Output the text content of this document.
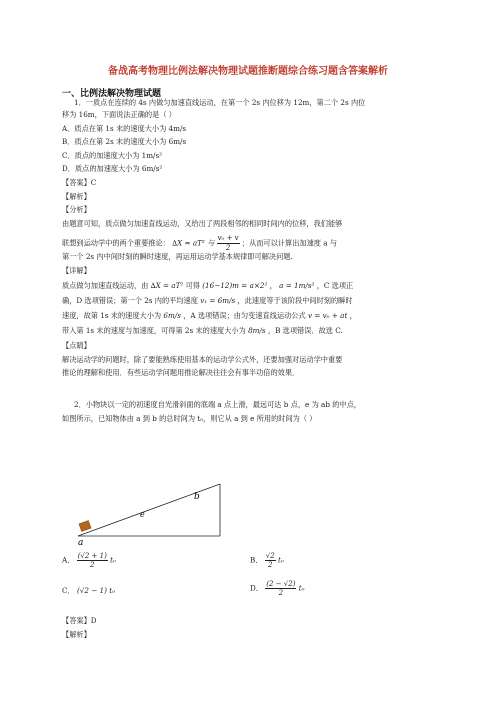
备战高考物理比例法解决物理试题推断题综合练习题含答案解析
一、比例法解决物理试题
1．一质点在连续的 4s 内做匀加速直线运动，在第一个 2s 内位移为 12m，第二个 2s 内位
移为 16m，下面说法正确的是（ ）
A．质点在第 1s 末的速度大小为 4m/s
B．质点在第 2s 末的速度大小为 6m/s
C．质点的加速度大小为 1m/s²
D．质点的加速度大小为 6m/s²
【答案】C
【解析】
【分析】
由题意可知，质点做匀加速直线运动，又给出了两段相邻的相同时间内的位移，我们能够
联想到运动学中的两个重要推论： ∆X = aT² 与 $\frac{\text{v₀ + v}}{2}$ ；从而可以计算出加速度 a 与
第一个 2s 内中间时刻的瞬时速度，再运用运动学基本规律即可解决问题.
【详解】
质点做匀加速直线运动，由 ∆X = aT² 可得 (16−12)m = a×2² ， a = 1m/s² ，C 选项正
确，D 选项错误；第一个 2s 内的平均速度 v₁ = 6m/s ，此速度等于该阶段中间时刻的瞬时
速度，故第 1s 末的速度大小为 6m/s ，A 选项错误；由匀变速直线运动公式 v = v₀ + at ，
带入第 1s 末的速度与加速度，可得第 2s 末的速度大小为 8m/s ，B 选项错误．故选 C.
【点睛】
解决运动学的问题时，除了要能熟练使用基本的运动学公式外，还要加强对运动学中重要
推论的理解和使用．有些运动学问题用推论解决往往会有事半功倍的效果．
2．小物块以一定的初速度自光滑斜面的底端 a 点上滑，最远可达 b 点，e 为 ab 的中点，
如图所示，已知物体由 a 到 b 的总时间为 t₀，则它从 a 到 e 所用的时间为（ ）
a
b
e
A． $\frac{(√2 + 1)}{2} t_0$	B． $\frac{√2}{2} t_0$
C． (√2 − 1) t₀	D． $\frac{(2 - √2)}{2} t_0$
【答案】D
【解析】
